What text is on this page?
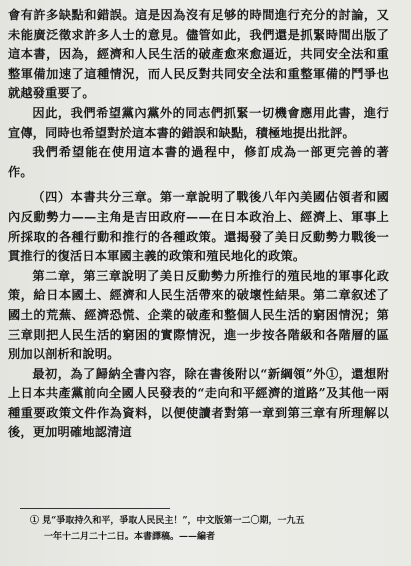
會有許多缺點和錯誤。這是因為沒有足够的時間進行充分的討論，又未能廣泛徵求許多人士的意見。儘管如此，我們還是抓緊時間出版了這本書，因為，經濟和人民生活的破產愈來愈逼近，共同安全法和重整軍備加速了這種情況，而人民反對共同安全法和重整軍備的鬥爭也就越發重要了。

因此，我們希望黨內黨外的同志們抓緊一切機會應用此書，進行宣傳，同時也希望對於這本書的錯誤和缺點，積極地提出批評。

我們希望能在使用這本書的過程中，修訂成為一部更完善的著作。

（四）本書共分三章。第一章說明了戰後八年內美國佔領者和國內反動勢力——主角是吉田政府——在日本政治上、經濟上、軍事上所採取的各種行動和推行的各種政策。還揭發了美日反動勢力戰後一貫推行的復活日本軍國主義的政策和殖民地化的政策。

第二章，第三章說明了美日反動勢力所推行的殖民地的軍事化政策，給日本國土、經濟和人民生活帶來的破壞性結果。第二章叙述了國土的荒蕪、經濟恐慌、企業的破產和整個人民生活的窮困情況；第三章則把人民生活的窮困的實際情況，進一步按各階級和各階層的區別加以剖析和說明。

最初，為了歸納全書內容，除在書後附以“新綱領”外①，還想附上日本共產黨前向全國人民發表的“走向和平經濟的道路”及其他一兩種重要政策文件作為資料，以便使讀者對第一章到第三章有所理解以後，更加明確地認清這

① 見“爭取持久和平，爭取人民民主！”，中文版第一二〇期，一九五
一年十二月二十二日。本書譯稿。——編者
